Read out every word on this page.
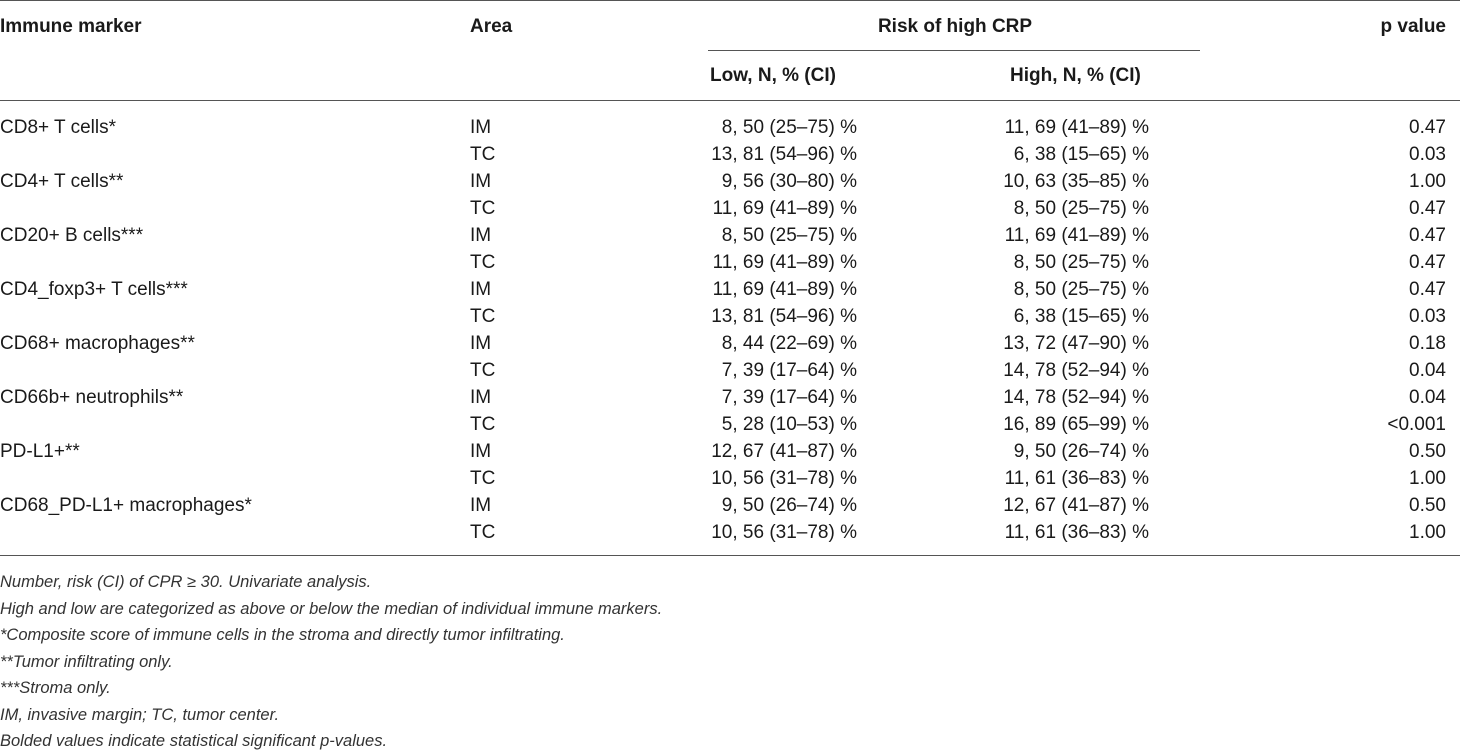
Immune marker	Area	Risk of high CRP		p value
		Low, N, % (CI)	High, N, % (CI)	
CD8+ T cells*	IM	8, 50 (25–75) %	11, 69 (41–89) %	0.47
	TC	13, 81 (54–96) %	6, 38 (15–65) %	0.03
CD4+ T cells**	IM	9, 56 (30–80) %	10, 63 (35–85) %	1.00
	TC	11, 69 (41–89) %	8, 50 (25–75) %	0.47
CD20+ B cells***	IM	8, 50 (25–75) %	11, 69 (41–89) %	0.47
	TC	11, 69 (41–89) %	8, 50 (25–75) %	0.47
CD4_foxp3+ T cells***	IM	11, 69 (41–89) %	8, 50 (25–75) %	0.47
	TC	13, 81 (54–96) %	6, 38 (15–65) %	0.03
CD68+ macrophages**	IM	8, 44 (22–69) %	13, 72 (47–90) %	0.18
	TC	7, 39 (17–64) %	14, 78 (52–94) %	0.04
CD66b+ neutrophils**	IM	7, 39 (17–64) %	14, 78 (52–94) %	0.04
	TC	5, 28 (10–53) %	16, 89 (65–99) %	<0.001
PD-L1+**	IM	12, 67 (41–87) %	9, 50 (26–74) %	0.50
	TC	10, 56 (31–78) %	11, 61 (36–83) %	1.00
CD68_PD-L1+ macrophages*	IM	9, 50 (26–74) %	12, 67 (41–87) %	0.50
	TC	10, 56 (31–78) %	11, 61 (36–83) %	1.00
Number, risk (CI) of CPR ≥ 30. Univariate analysis.
High and low are categorized as above or below the median of individual immune markers.
*Composite score of immune cells in the stroma and directly tumor infiltrating.
**Tumor infiltrating only.
***Stroma only.
IM, invasive margin; TC, tumor center.
Bolded values indicate statistical significant p-values.
